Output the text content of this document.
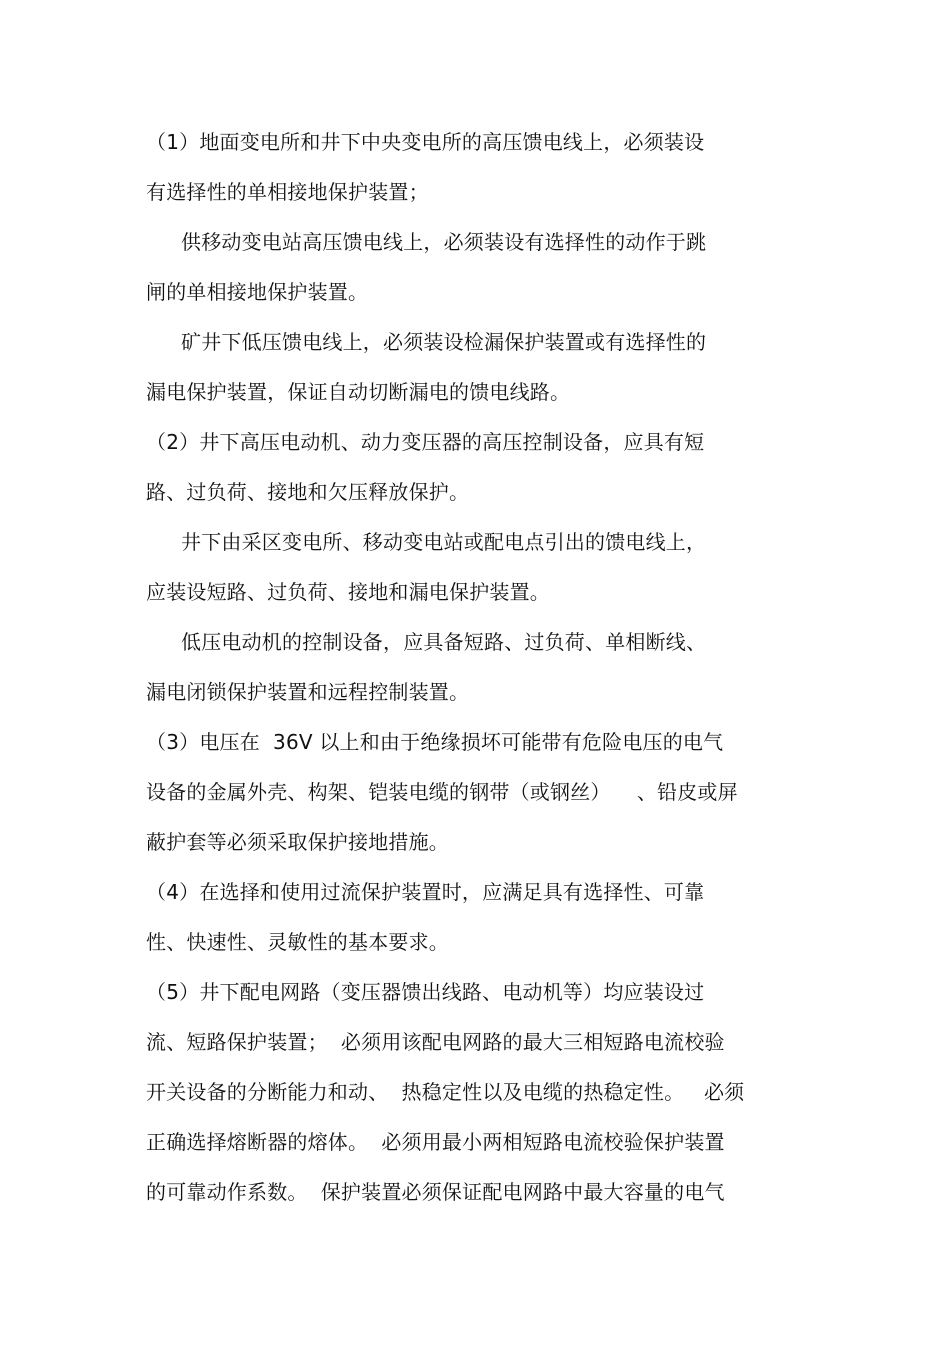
（1）地面变电所和井下中央变电所的高压馈电线上，必须装设
有选择性的单相接地保护装置；
供移动变电站高压馈电线上，必须装设有选择性的动作于跳
闸的单相接地保护装置。
矿井下低压馈电线上，必须装设检漏保护装置或有选择性的
漏电保护装置，保证自动切断漏电的馈电线路。
（2）井下高压电动机、动力变压器的高压控制设备，应具有短
路、过负荷、接地和欠压释放保护。
井下由采区变电所、移动变电站或配电点引出的馈电线上，
应装设短路、过负荷、接地和漏电保护装置。
低压电动机的控制设备，应具备短路、过负荷、单相断线、
漏电闭锁保护装置和远程控制装置。
（3）电压在  36V 以上和由于绝缘损坏可能带有危险电压的电气
设备的金属外壳、构架、铠装电缆的钢带（或钢丝）    、铅皮或屏
蔽护套等必须采取保护接地措施。
（4）在选择和使用过流保护装置时，应满足具有选择性、可靠
性、快速性、灵敏性的基本要求。
（5）井下配电网路（变压器馈出线路、电动机等）均应装设过
流、短路保护装置；  必须用该配电网路的最大三相短路电流校验
开关设备的分断能力和动、  热稳定性以及电缆的热稳定性。   必须
正确选择熔断器的熔体。  必须用最小两相短路电流校验保护装置
的可靠动作系数。  保护装置必须保证配电网路中最大容量的电气
